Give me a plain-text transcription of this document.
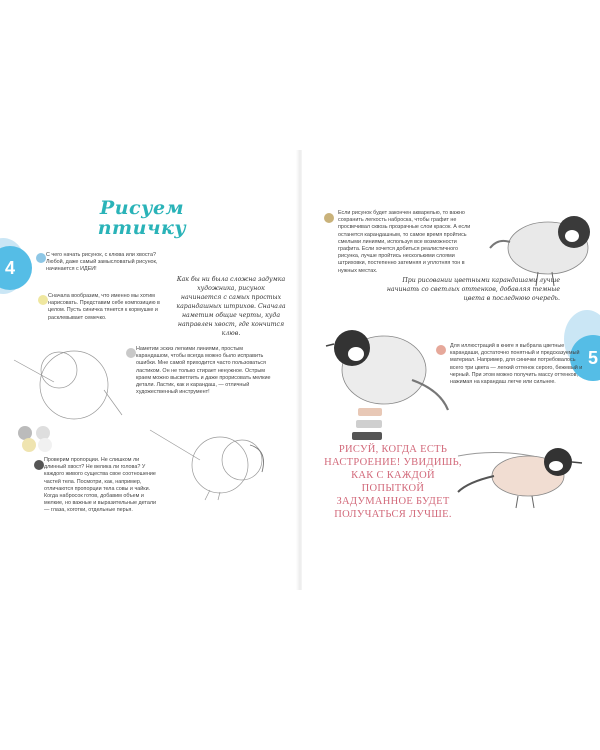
4
Рисуем птичку
С чего начать рисунок, с клюва или хвоста? Любой, даже самый замысловатый рисунок, начинается с ИДЕИ!
Сначала вообразим, что именно мы хотим нарисовать. Представим себе композицию в целом. Пусть синичка тянется к кормушке и расклевывает семечко.
Как бы ни была сложна задумка художника, рисунок начинается с самых простых карандашных штрихов. Сначала наметим общие черты, куда направлен хвост, где кончится клюв.
Наметим эскиз легкими линиями, простым карандашом, чтобы всегда можно было исправить ошибки. Мне самой приходится часто пользоваться ластиком. Он не только стирает ненужное. Острым краем можно высветлить и даже прорисовать мелкие детали. Ластик, как и карандаш, — отличный художественный инструмент!
Проверим пропорции. Не слишком ли длинный хвост? Не велика ли голова? У каждого живого существа свое соотношение частей тела. Посмотри, как, например, отличаются пропорции тела совы и чайки. Когда набросок готов, добавим объем и мелкие, но важные и выразительные детали — глаза, коготки, отдельные перья.
Если рисунок будет закончен акварелью, то важно сохранить легкость наброска, чтобы графит не просвечивал сквозь прозрачные слои красок. А если останется карандашным, то самое время пройтись смелыми линиями, используя все возможности графита. Если хочется добиться реалистичного рисунка, лучше пройтись несколькими слоями штриховки, постепенно затемняя и уплотняя тон в нужных местах.
При рисовании цветными карандашами лучше начинать со светлых оттенков, добавляя темные цвета в последнюю очередь.
5
Для иллюстраций в книге я выбрала цветные карандаши, достаточно понятный и предсказуемый материал. Например, для синички потребовалось всего три цвета — легкий оттенок серого, бежевый и черный. При этом можно получить массу оттенков, нажимая на карандаш легче или сильнее.
РИСУЙ, КОГДА ЕСТЬ НАСТРОЕНИЕ! УВИДИШЬ, КАК С КАЖДОЙ ПОПЫТКОЙ ЗАДУМАННОЕ БУДЕТ ПОЛУЧАТЬСЯ ЛУЧШЕ.
